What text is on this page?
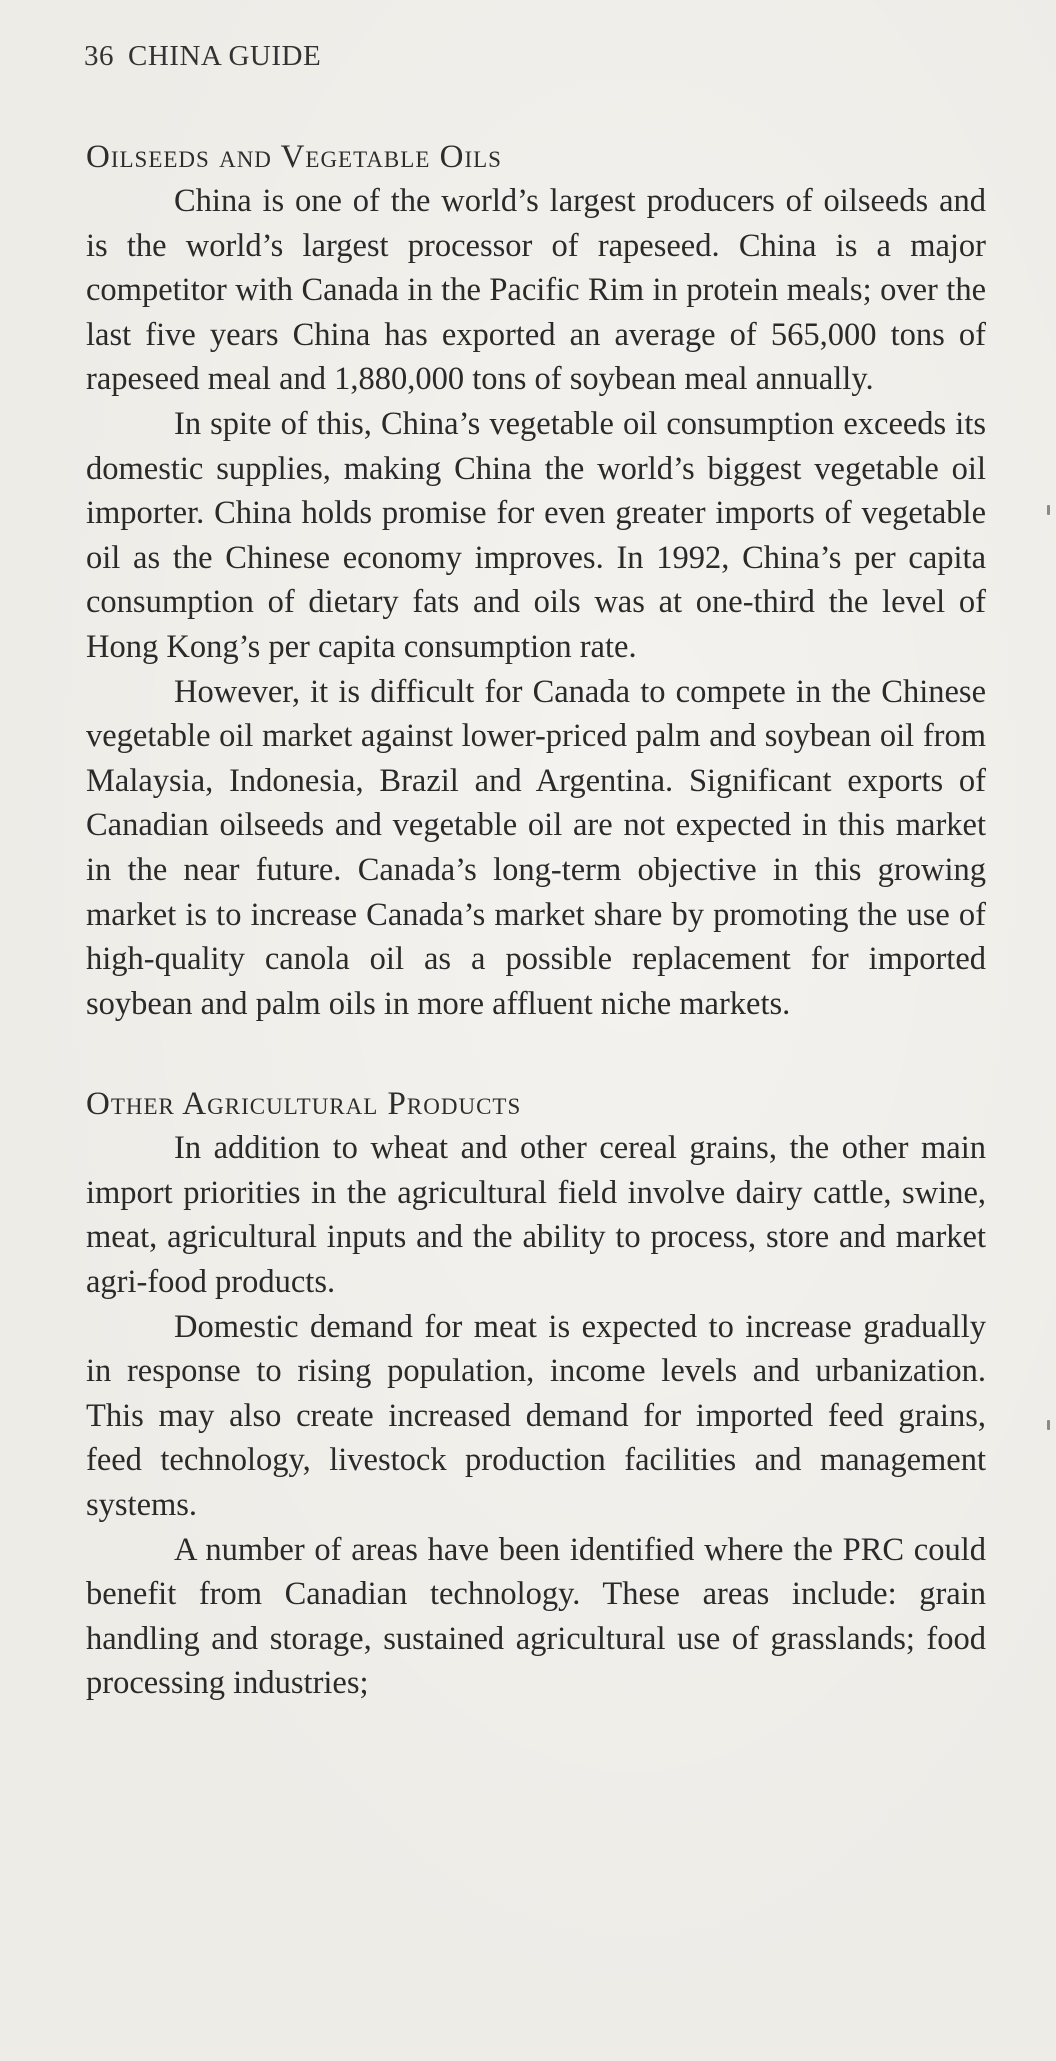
36 CHINA GUIDE
Oilseeds and Vegetable Oils

China is one of the world’s largest producers of oilseeds and is the world’s largest processor of rapeseed. China is a major competitor with Canada in the Pacific Rim in protein meals; over the last five years China has exported an average of 565,000 tons of rapeseed meal and 1,880,000 tons of soybean meal annually.

In spite of this, China’s vegetable oil consumption exceeds its domestic supplies, making China the world’s biggest vegetable oil importer. China holds promise for even greater imports of vegetable oil as the Chinese economy improves. In 1992, China’s per capita consumption of dietary fats and oils was at one-third the level of Hong Kong’s per capita consumption rate.

However, it is difficult for Canada to compete in the Chinese vegetable oil market against lower-priced palm and soybean oil from Malaysia, Indonesia, Brazil and Argentina. Significant exports of Canadian oilseeds and vegetable oil are not expected in this market in the near future. Canada’s long-term objective in this growing market is to increase Canada’s market share by promoting the use of high-quality canola oil as a possible replacement for imported soybean and palm oils in more affluent niche markets.

Other Agricultural Products

In addition to wheat and other cereal grains, the other main import priorities in the agricultural field involve dairy cattle, swine, meat, agricultural inputs and the ability to process, store and market agri-food products.

Domestic demand for meat is expected to increase gradually in response to rising population, income levels and urbanization. This may also create increased demand for imported feed grains, feed technology, livestock production facilities and management systems.

A number of areas have been identified where the PRC could benefit from Canadian technology. These areas include: grain handling and storage, sustained agricultural use of grasslands; food processing industries;
